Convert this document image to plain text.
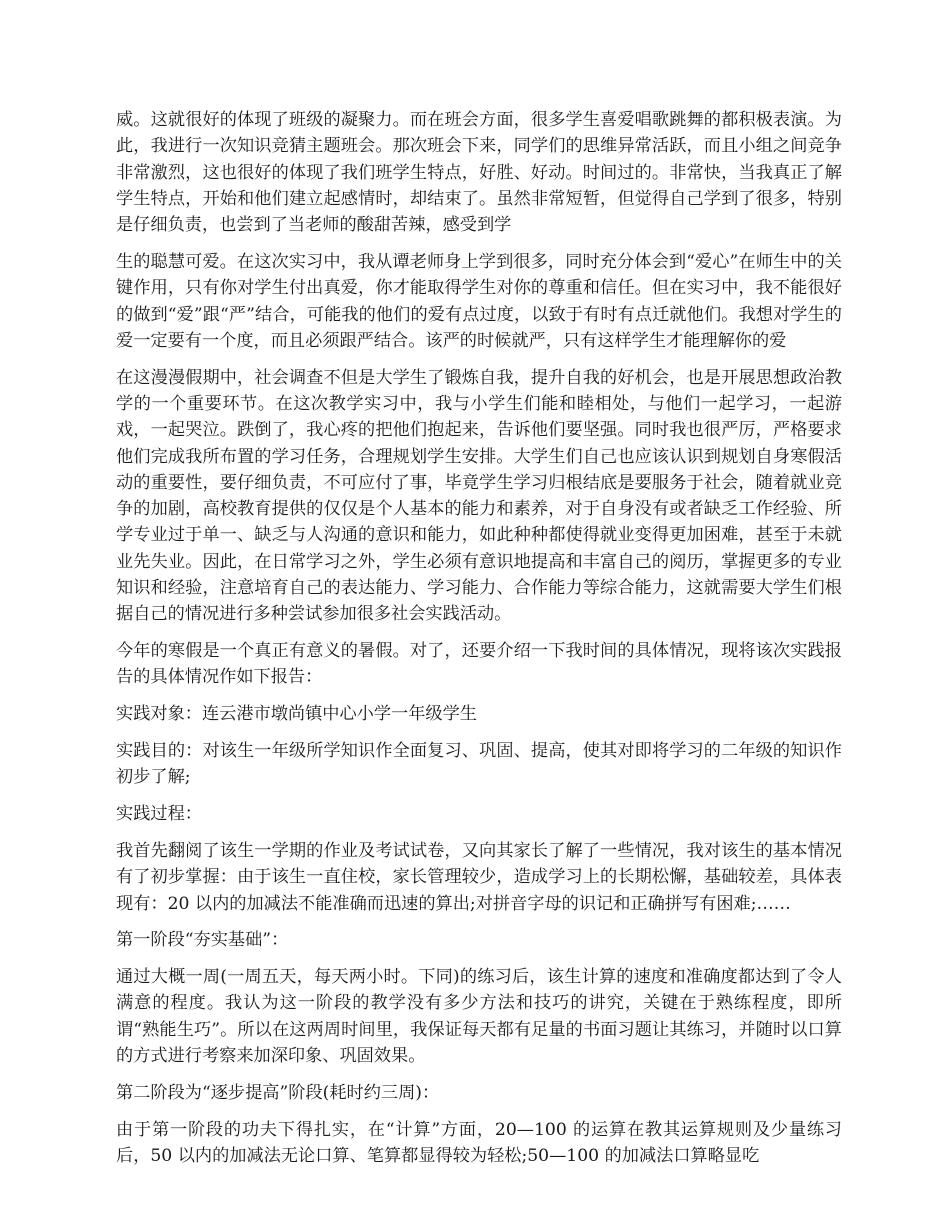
威。这就很好的体现了班级的凝聚力。而在班会方面，很多学生喜爱唱歌跳舞的都积极表演。为此，我进行一次知识竞猜主题班会。那次班会下来，同学们的思维异常活跃，而且小组之间竞争非常激烈，这也很好的体现了我们班学生特点，好胜、好动。时间过的。非常快，当我真正了解学生特点，开始和他们建立起感情时，却结束了。虽然非常短暂，但觉得自己学到了很多，特别是仔细负责，也尝到了当老师的酸甜苦辣，感受到学

生的聪慧可爱。在这次实习中，我从谭老师身上学到很多，同时充分体会到“爱心”在师生中的关键作用，只有你对学生付出真爱，你才能取得学生对你的尊重和信任。但在实习中，我不能很好的做到“爱”跟“严”结合，可能我的他们的爱有点过度，以致于有时有点迁就他们。我想对学生的爱一定要有一个度，而且必须跟严结合。该严的时候就严，只有这样学生才能理解你的爱

在这漫漫假期中，社会调查不但是大学生了锻炼自我，提升自我的好机会，也是开展思想政治教学的一个重要环节。在这次教学实习中，我与小学生们能和睦相处，与他们一起学习，一起游戏，一起哭泣。跌倒了，我心疼的把他们抱起来，告诉他们要坚强。同时我也很严厉，严格要求他们完成我所布置的学习任务，合理规划学生安排。大学生们自己也应该认识到规划自身寒假活动的重要性，要仔细负责，不可应付了事，毕竟学生学习归根结底是要服务于社会，随着就业竞争的加剧，高校教育提供的仅仅是个人基本的能力和素养，对于自身没有或者缺乏工作经验、所学专业过于单一、缺乏与人沟通的意识和能力，如此种种都使得就业变得更加困难，甚至于未就业先失业。因此，在日常学习之外，学生必须有意识地提高和丰富自己的阅历，掌握更多的专业知识和经验，注意培育自己的表达能力、学习能力、合作能力等综合能力，这就需要大学生们根据自己的情况进行多种尝试参加很多社会实践活动。

今年的寒假是一个真正有意义的暑假。对了，还要介绍一下我时间的具体情况，现将该次实践报告的具体情况作如下报告：

实践对象：连云港市墩尚镇中心小学一年级学生

实践目的：对该生一年级所学知识作全面复习、巩固、提高，使其对即将学习的二年级的知识作初步了解;

实践过程：

我首先翻阅了该生一学期的作业及考试试卷，又向其家长了解了一些情况，我对该生的基本情况有了初步掌握：由于该生一直住校，家长管理较少，造成学习上的长期松懈，基础较差，具体表现有：20 以内的加减法不能准确而迅速的算出;对拼音字母的识记和正确拼写有困难;……

第一阶段“夯实基础”：

通过大概一周(一周五天，每天两小时。下同)的练习后，该生计算的速度和准确度都达到了令人满意的程度。我认为这一阶段的教学没有多少方法和技巧的讲究，关键在于熟练程度，即所谓“熟能生巧”。所以在这两周时间里，我保证每天都有足量的书面习题让其练习，并随时以口算的方式进行考察来加深印象、巩固效果。

第二阶段为“逐步提高”阶段(耗时约三周)：

由于第一阶段的功夫下得扎实，在“计算”方面，20—100 的运算在教其运算规则及少量练习后，50 以内的加减法无论口算、笔算都显得较为轻松;50—100 的加减法口算略显吃
